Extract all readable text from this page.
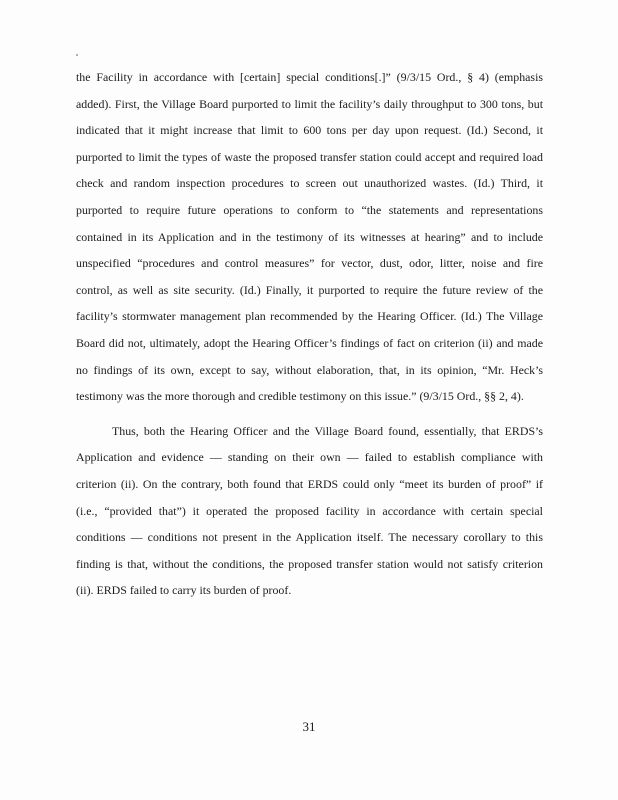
the Facility in accordance with [certain] special conditions[.]” (9/3/15 Ord., § 4) (emphasis
added). First, the Village Board purported to limit the facility’s daily throughput to 300 tons, but
indicated that it might increase that limit to 600 tons per day upon request. (Id.) Second, it
purported to limit the types of waste the proposed transfer station could accept and required load
check and random inspection procedures to screen out unauthorized wastes. (Id.) Third, it
purported to require future operations to conform to “the statements and representations
contained in its Application and in the testimony of its witnesses at hearing” and to include
unspecified “procedures and control measures” for vector, dust, odor, litter, noise and fire
control, as well as site security. (Id.) Finally, it purported to require the future review of the
facility’s stormwater management plan recommended by the Hearing Officer. (Id.) The Village
Board did not, ultimately, adopt the Hearing Officer’s findings of fact on criterion (ii) and made
no findings of its own, except to say, without elaboration, that, in its opinion, “Mr. Heck’s
testimony was the more thorough and credible testimony on this issue.” (9/3/15 Ord., §§ 2, 4).
Thus, both the Hearing Officer and the Village Board found, essentially, that ERDS’s
Application and evidence — standing on their own — failed to establish compliance with
criterion (ii). On the contrary, both found that ERDS could only “meet its burden of proof” if
(i.e., “provided that”) it operated the proposed facility in accordance with certain special
conditions — conditions not present in the Application itself. The necessary corollary to this
finding is that, without the conditions, the proposed transfer station would not satisfy criterion
(ii). ERDS failed to carry its burden of proof.
31
